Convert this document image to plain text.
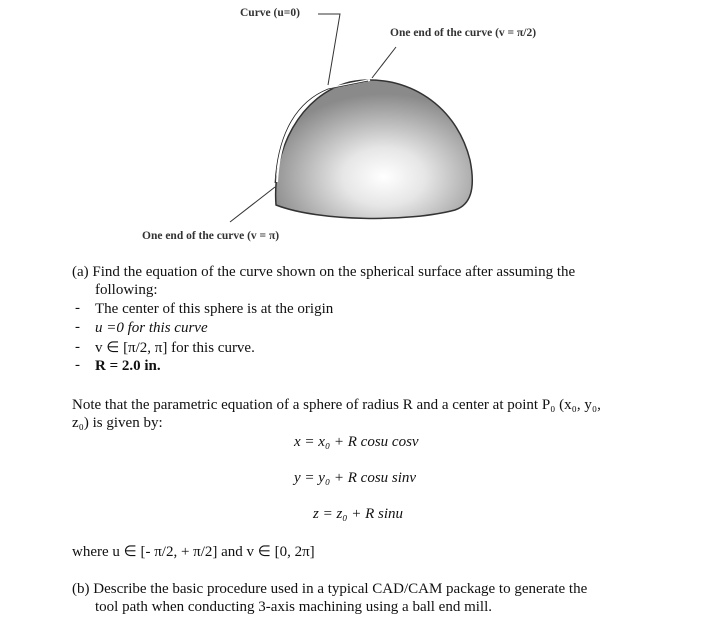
Curve (u=0)
One end of the curve (v = π/2)
One end of the curve (v = π)
(a) Find the equation of the curve shown on the spherical surface after assuming the
following:
- The center of this sphere is at the origin
- u =0 for this curve
- v ∈ [π/2, π] for this curve.
- R = 2.0 in.
Note that the parametric equation of a sphere of radius R and a center at point P₀ (x₀, y₀,
z₀) is given by:
x = x₀ + R cosu cosv
y = y₀ + R cosu sinv
z = z₀ + R sinu
where u ∈ [- π/2, + π/2] and v ∈ [0, 2π]
(b) Describe the basic procedure used in a typical CAD/CAM package to generate the
tool path when conducting 3-axis machining using a ball end mill.
